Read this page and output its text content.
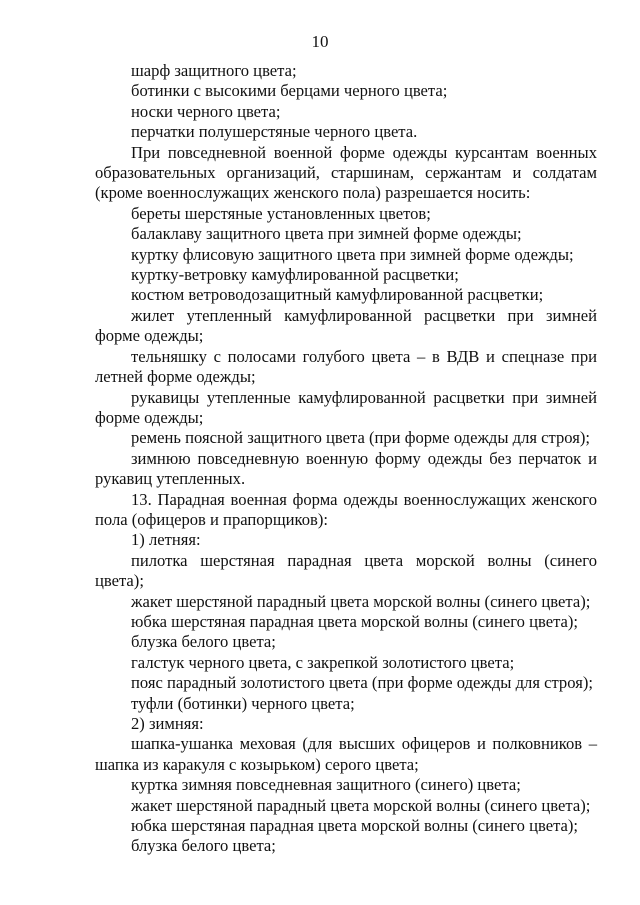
10

шарф защитного цвета;

ботинки с высокими берцами черного цвета;

носки черного цвета;

перчатки полушерстяные черного цвета.

При повседневной военной форме одежды курсантам военных образовательных организаций, старшинам, сержантам и солдатам (кроме военнослужащих женского пола) разрешается носить:

береты шерстяные установленных цветов;

балаклаву защитного цвета при зимней форме одежды;

куртку флисовую защитного цвета при зимней форме одежды;

куртку-ветровку камуфлированной расцветки;

костюм ветроводозащитный камуфлированной расцветки;

жилет утепленный камуфлированной расцветки при зимней форме одежды;

тельняшку с полосами голубого цвета – в ВДВ и спецназе при летней форме одежды;

рукавицы утепленные камуфлированной расцветки при зимней форме одежды;

ремень поясной защитного цвета (при форме одежды для строя);

зимнюю повседневную военную форму одежды без перчаток и рукавиц утепленных.

13. Парадная военная форма одежды военнослужащих женского пола (офицеров и прапорщиков):

1) летняя:

пилотка шерстяная парадная цвета морской волны (синего цвета);

жакет шерстяной парадный цвета морской волны (синего цвета);

юбка шерстяная парадная цвета морской волны (синего цвета);

блузка белого цвета;

галстук черного цвета, с закрепкой золотистого цвета;

пояс парадный золотистого цвета (при форме одежды для строя);

туфли (ботинки) черного цвета;

2) зимняя:

шапка-ушанка меховая (для высших офицеров и полковников – шапка из каракуля с козырьком) серого цвета;

куртка зимняя повседневная защитного (синего) цвета;

жакет шерстяной парадный цвета морской волны (синего цвета);

юбка шерстяная парадная цвета морской волны (синего цвета);

блузка белого цвета;
